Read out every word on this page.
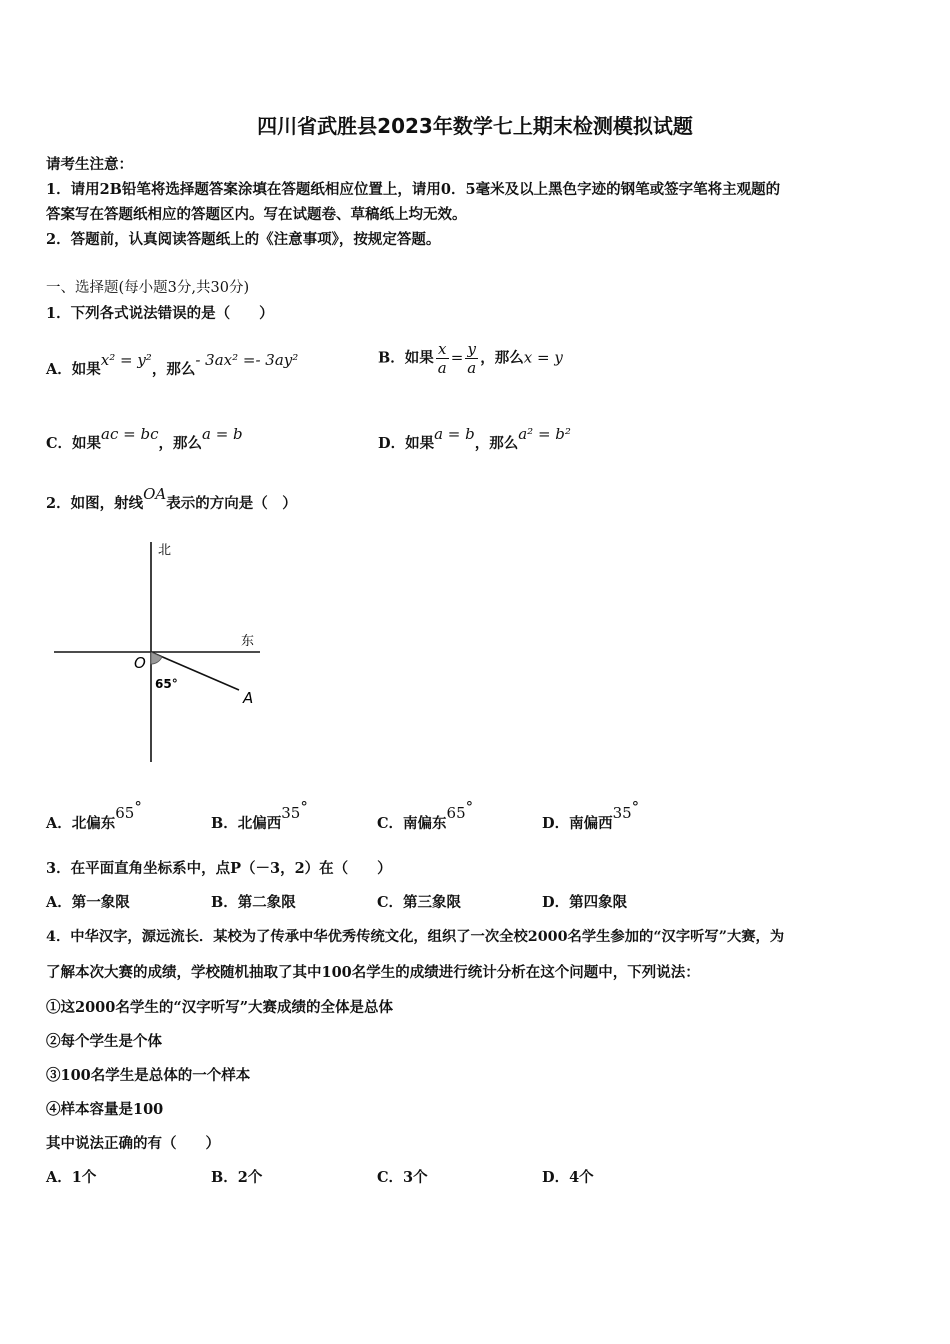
四川省武胜县2023年数学七上期末检测模拟试题
请考生注意：
1．请用2B铅笔将选择题答案涂填在答题纸相应位置上，请用0．5毫米及以上黑色字迹的钢笔或签字笔将主观题的
答案写在答题纸相应的答题区内。写在试题卷、草稿纸上均无效。
2．答题前，认真阅读答题纸上的《注意事项》，按规定答题。
一、选择题(每小题3分,共30分)
1．下列各式说法错误的是（　　）
A．如果x² = y²，那么- 3ax² =- 3ay²	B．如果 $\frac{x}{a} = \frac{y}{a}$ ，那么x = y
C．如果ac = bc，那么a = b
D．如果a = b，那么a² = b²
2．如图，射线OA表示的方向是（　）
北
东
O
A
65°
A．北偏东65°
B．北偏西35°
C．南偏东65°
D．南偏西35°
3．在平面直角坐标系中，点P（－3，2）在（　　）
A．第一象限	B．第二象限	C．第三象限	D．第四象限
4．中华汉字，源远流长．某校为了传承中华优秀传统文化，组织了一次全校2000名学生参加的“汉字听写”大赛，为
了解本次大赛的成绩，学校随机抽取了其中100名学生的成绩进行统计分析在这个问题中，下列说法：
①这2000名学生的“汉字听写”大赛成绩的全体是总体
②每个学生是个体
③100名学生是总体的一个样本
④样本容量是100
其中说法正确的有（　　）
A．1个	B．2个	C．3个	D．4个
